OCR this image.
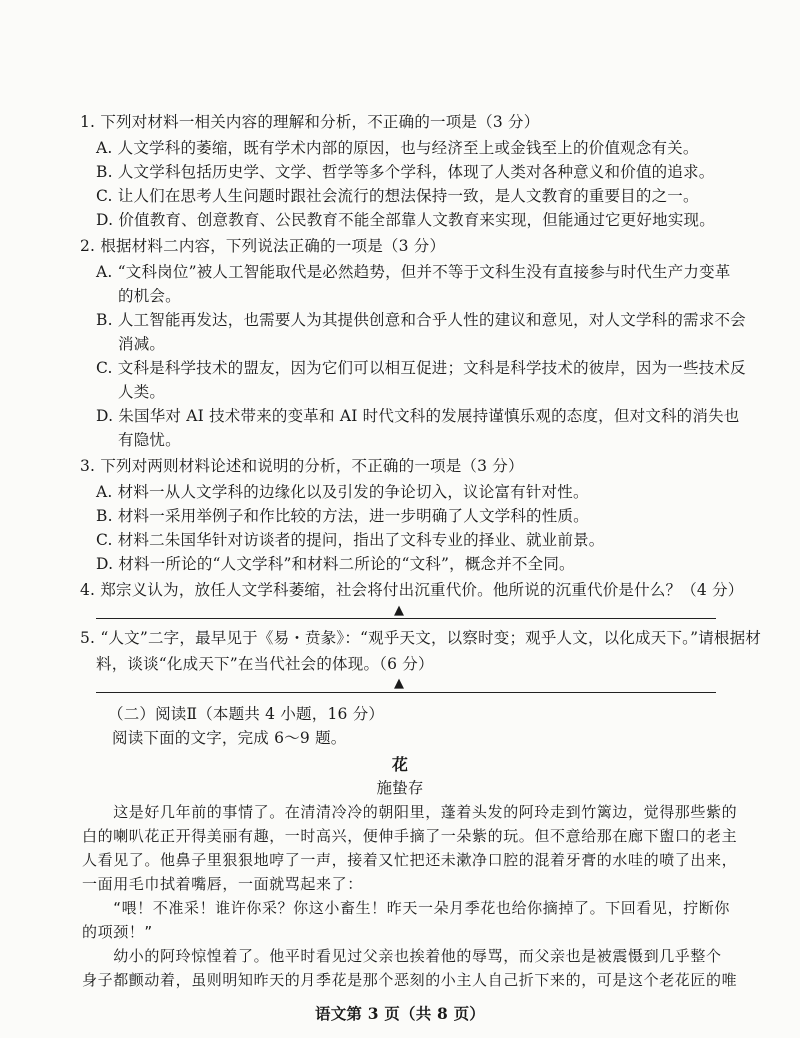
1. 下列对材料一相关内容的理解和分析，不正确的一项是（3 分）
A. 人文学科的萎缩，既有学术内部的原因，也与经济至上或金钱至上的价值观念有关。
B. 人文学科包括历史学、文学、哲学等多个学科，体现了人类对各种意义和价值的追求。
C. 让人们在思考人生问题时跟社会流行的想法保持一致，是人文教育的重要目的之一。
D. 价值教育、创意教育、公民教育不能全部靠人文教育来实现，但能通过它更好地实现。
2. 根据材料二内容，下列说法正确的一项是（3 分）
A. “文科岗位”被人工智能取代是必然趋势，但并不等于文科生没有直接参与时代生产力变革
的机会。
B. 人工智能再发达，也需要人为其提供创意和合乎人性的建议和意见，对人文学科的需求不会
消减。
C. 文科是科学技术的盟友，因为它们可以相互促进；文科是科学技术的彼岸，因为一些技术反
人类。
D. 朱国华对 AI 技术带来的变革和 AI 时代文科的发展持谨慎乐观的态度，但对文科的消失也
有隐忧。
3. 下列对两则材料论述和说明的分析，不正确的一项是（3 分）
A. 材料一从人文学科的边缘化以及引发的争论切入，议论富有针对性。
B. 材料一采用举例子和作比较的方法，进一步明确了人文学科的性质。
C. 材料二朱国华针对访谈者的提问，指出了文科专业的择业、就业前景。
D. 材料一所论的“人文学科”和材料二所论的“文科”，概念并不全同。
4. 郑宗义认为，放任人文学科萎缩，社会将付出沉重代价。他所说的沉重代价是什么？（4 分）
▲
5. “人文”二字，最早见于《易・贲彖》：“观乎天文，以察时变；观乎人文，以化成天下。”请根据材
料，谈谈“化成天下”在当代社会的体现。（6 分）
▲
（二）阅读Ⅱ（本题共 4 小题，16 分）
阅读下面的文字，完成 6～9 题。
花
施蛰存
　　这是好几年前的事情了。在清清冷冷的朝阳里，蓬着头发的阿玲走到竹篱边，觉得那些紫的
白的喇叭花正开得美丽有趣，一时高兴，便伸手摘了一朵紫的玩。但不意给那在廊下盥口的老主
人看见了。他鼻子里狠狠地哼了一声，接着又忙把还未漱净口腔的混着牙膏的水哇的喷了出来，
一面用毛巾拭着嘴唇，一面就骂起来了：
　　“喂！不准采！谁许你采？你这小畜生！昨天一朵月季花也给你摘掉了。下回看见，拧断你
的项颈！”
　　幼小的阿玲惊惶着了。他平时看见过父亲也挨着他的辱骂，而父亲也是被震慑到几乎整个
身子都颤动着，虽则明知昨天的月季花是那个恶刻的小主人自己折下来的，可是这个老花匠的唯
语文第 3 页（共 8 页）
